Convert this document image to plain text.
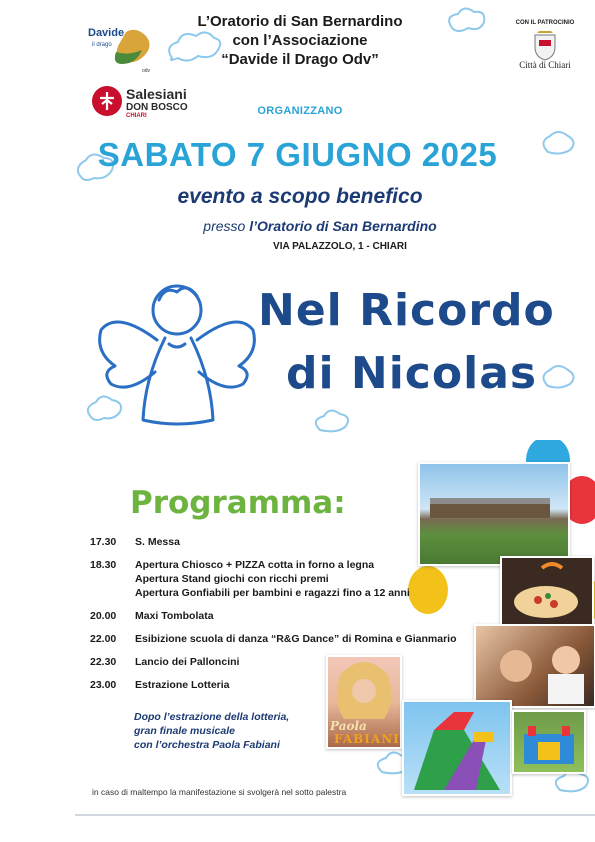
Davide
il drago
odv
Salesiani
DON BOSCO
CHIARI
CON IL PATROCINIO
Città di Chiari
L’Oratorio di San Bernardino
con l’Associazione
“Davide il Drago Odv”
ORGANIZZANO
SABATO 7 GIUGNO 2025
evento a scopo benefico
presso l’Oratorio di San Bernardino
VIA PALAZZOLO, 1 - CHIARI
Nel Ricordo
di Nicolas
Paola
FABIANI
Programma:
17.30 S. Messa
18.30 Apertura Chiosco + PIZZA cotta in forno a legna
Apertura Stand giochi con ricchi premi
Apertura Gonfiabili per bambini e ragazzi fino a 12 anni
20.00 Maxi Tombolata
22.00 Esibizione scuola di danza “R&G Dance” di Romina e Gianmario
22.30 Lancio dei Palloncini
23.00 Estrazione Lotteria
Dopo l’estrazione della lotteria,
gran finale musicale
con l’orchestra Paola Fabiani
in caso di maltempo la manifestazione si svolgerà nel sotto palestra
